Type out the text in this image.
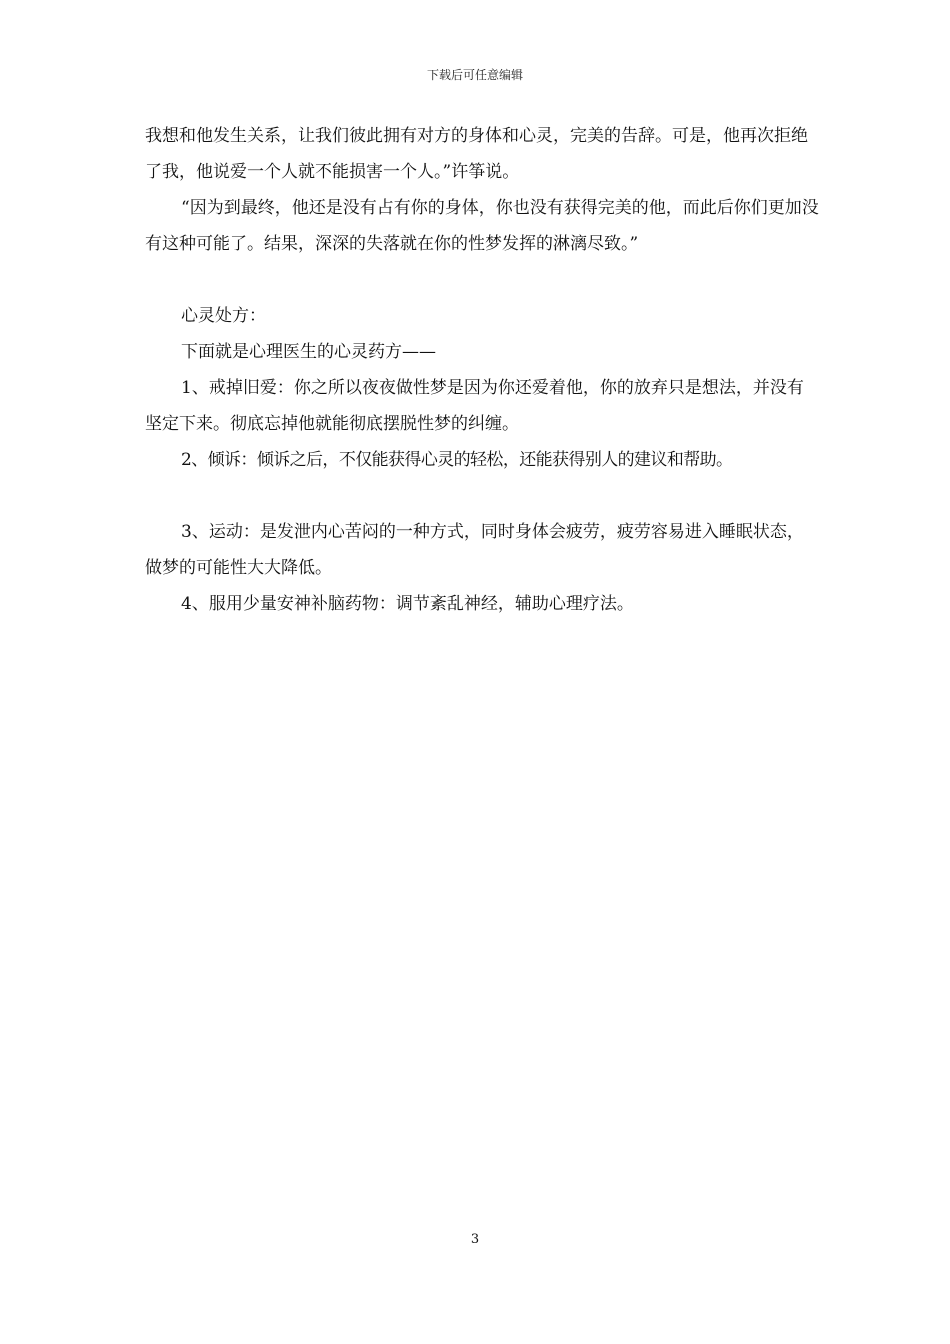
下载后可任意编辑

我想和他发生关系，让我们彼此拥有对方的身体和心灵，完美的告辞。可是，他再次拒绝了我，他说爱一个人就不能损害一个人。”许筝说。

“因为到最终，他还是没有占有你的身体，你也没有获得完美的他，而此后你们更加没有这种可能了。结果，深深的失落就在你的性梦发挥的淋漓尽致。”

心灵处方：

下面就是心理医生的心灵药方——

1、戒掉旧爱：你之所以夜夜做性梦是因为你还爱着他，你的放弃只是想法，并没有坚定下来。彻底忘掉他就能彻底摆脱性梦的纠缠。

2、倾诉：倾诉之后，不仅能获得心灵的轻松，还能获得别人的建议和帮助。

3、运动：是发泄内心苦闷的一种方式，同时身体会疲劳，疲劳容易进入睡眠状态，做梦的可能性大大降低。

4、服用少量安神补脑药物：调节紊乱神经，辅助心理疗法。

3
